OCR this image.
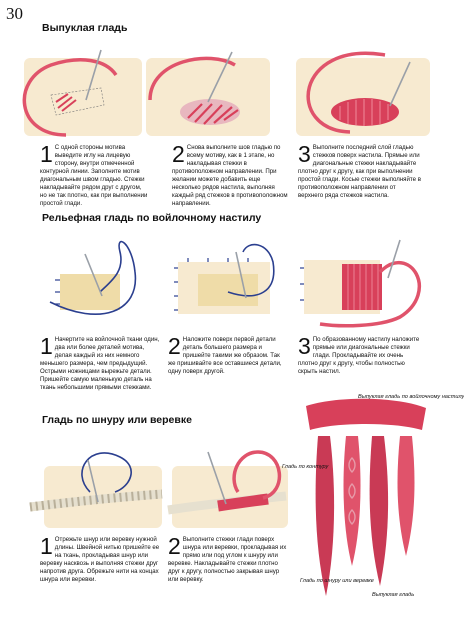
30
Выпуклая гладь
1 С одной стороны мотива выведите иглу на лицевую сторону, внутри отмеченной контурной линии. Заполните мотив диагональным швом гладью. Стежки накладывайте рядом друг с другом, но не так плотно, как при выполнении простой глади.
2 Снова выполните шов гладью по всему мотиву, как в 1 этапе, но накладывая стежки в противоположном направлении. При желании можете добавить еще несколько рядов настила, выполняя каждый ряд стежков в противоположном направлении.
3 Выполните последний слой гладью стежков поверх настила. Прямые или диагональные стежки накладывайте плотно друг к другу, как при выполнении простой глади. Косые стежки выполняйте в противоположном направлении от верхнего ряда стежков настила.
Рельефная гладь по войлочному настилу
1 Начертите на войлочной ткани один, два или более деталей мотива, делая каждый из них немного меньшего размера, чем предыдущий. Острыми ножницами вырежьте детали. Пришейте самую маленькую деталь на ткань небольшими прямыми стежками.
2 Наложите поверх первой детали деталь большего размера и пришейте такими же образом. Так же пришивайте все оставшиеся детали, одну поверх другой.
3 По образованному настилу наложите прямые или диагональные стежки глади. Прокладывайте их очень плотно друг к другу, чтобы полностью скрыть настил.
Гладь по шнуру или веревке
1 Отрежьте шнур или веревку нужной длины. Швейной нитью пришейте ее на ткань, прокладывая шнур или веревку насквозь и выполняя стежки друг напротив друга. Обрежьте нити на концах шнура или веревки.
2 Выполните стежки глади поверх шнура или веревки, прокладывая их прямо или под углом к шнуру или веревке. Накладывайте стежки плотно друг к другу, полностью закрывая шнур или веревку.
Выпуклая гладь по войлочному настилу
Гладь по контуру
Гладь по шнуру или веревке
Выпуклая гладь
